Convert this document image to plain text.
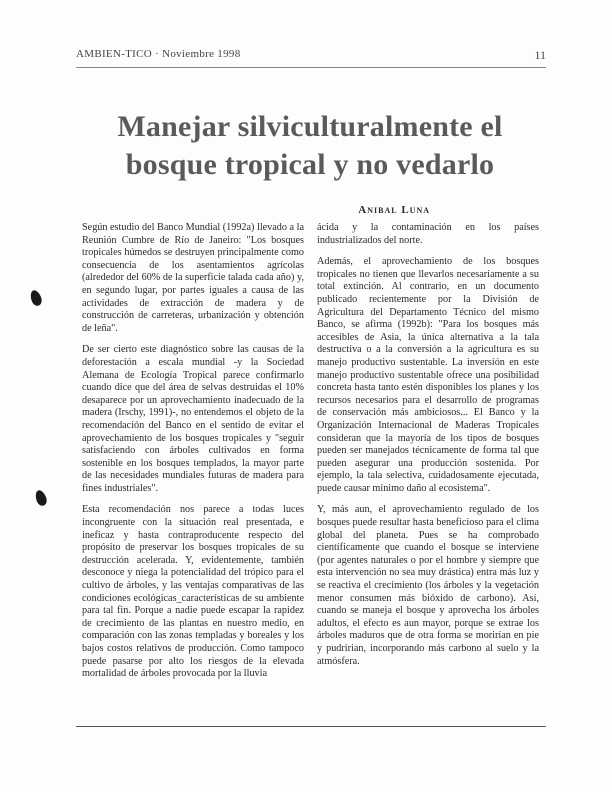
AMBIEN-TICO · Noviembre 1998	11
Manejar silviculturalmente el bosque tropical y no vedarlo
Anibal Luna

Según estudio del Banco Mundial (1992a) llevado a la Reunión Cumbre de Río de Janeiro: "Los bosques tropicales húmedos se destruyen principalmente como consecuencia de los asentamientos agrícolas (alrededor del 60% de la superficie talada cada año) y, en segundo lugar, por partes iguales a causa de las actividades de extracción de madera y de construcción de carreteras, urbanización y obtención de leña".

De ser cierto este diagnóstico sobre las causas de la deforestación a escala mundial -y la Sociedad Alemana de Ecología Tropical parece confirmarlo cuando dice que del área de selvas destruidas el 10% desaparece por un aprovechamiento inadecuado de la madera (Irschy, 1991)-, no entendemos el objeto de la recomendación del Banco en el sentido de evitar el aprovechamiento de los bosques tropicales y "seguir satisfaciendo con árboles cultivados en forma sostenible en los bosques templados, la mayor parte de las necesidades mundiales futuras de madera para fines industriales".

Esta recomendación nos parece a todas luces incongruente con la situación real presentada, e ineficaz y hasta contraproducente respecto del propósito de preservar los bosques tropicales de su destrucción acelerada. Y, evidentemente, también desconoce y niega la potencialidad del trópico para el cultivo de árboles, y las ventajas comparativas de las condiciones ecológicas_características de su ambiente para tal fin. Porque a nadie puede escapar la rapidez de crecimiento de las plantas en nuestro medio, en comparación con las zonas templadas y boreales y los bajos costos relativos de producción. Como tampoco puede pasarse por alto los riesgos de la elevada mortalidad de árboles provocada por la lluvia

ácida y la contaminación en los países industrializados del norte.

Además, el aprovechamiento de los bosques tropicales no tienen que llevarlos necesariamente a su total extinción. Al contrario, en un documento publicado recientemente por la División de Agricultura del Departamento Técnico del mismo Banco, se afirma (1992b): "Para los bosques más accesibles de Asia, la única alternativa a la tala destructiva o a la conversión a la agricultura es su manejo productivo sustentable. La inversión en este manejo productivo sustentable ofrece una posibilidad concreta hasta tanto estén disponibles los planes y los recursos necesarios para el desarrollo de programas de conservación más ambiciosos... El Banco y la Organización Internacional de Maderas Tropicales consideran que la mayoría de los tipos de bosques pueden ser manejados técnicamente de forma tal que pueden asegurar una producción sostenida. Por ejemplo, la tala selectiva, cuidadosamente ejecutada, puede causar mínimo daño al ecosistema".

Y, más aun, el aprovechamiento regulado de los bosques puede resultar hasta beneficioso para el clima global del planeta. Pues se ha comprobado científicamente que cuando el bosque se interviene (por agentes naturales o por el hombre y siempre que esta intervención no sea muy drástica) entra más luz y se reactiva el crecimiento (los árboles y la vegetación menor consumen más bióxido de carbono). Así, cuando se maneja el bosque y aprovecha los árboles adultos, el efecto es aun mayor, porque se extrae los árboles maduros que de otra forma se morirían en pie y pudririan, incorporando más carbono al suelo y la atmósfera.
